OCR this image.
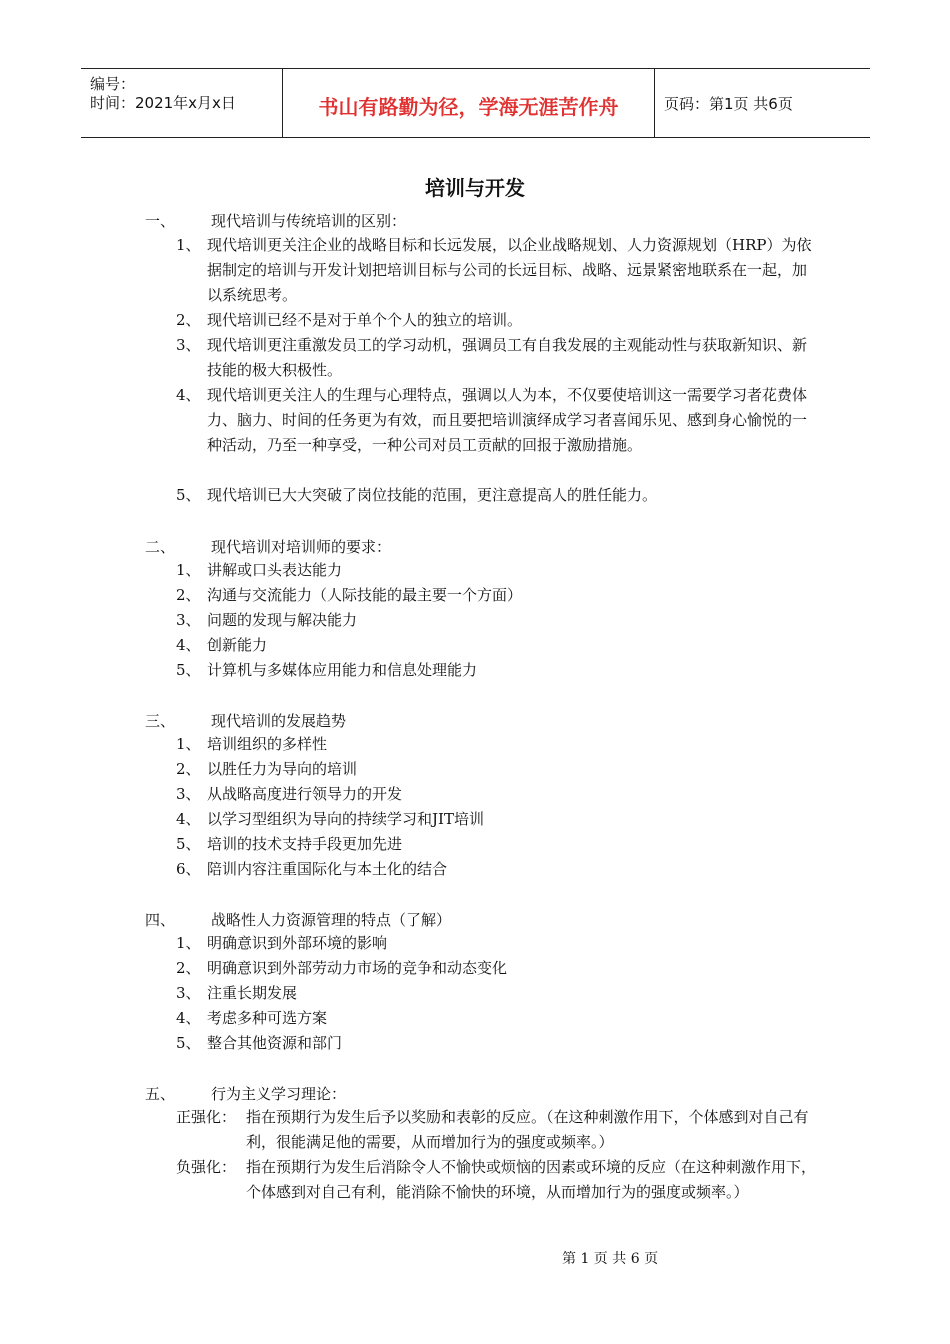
编号：
时间：2021年x月x日	书山有路勤为径，学海无涯苦作舟	页码：第1页 共6页
培训与开发
一、 现代培训与传统培训的区别：
1、 现代培训更关注企业的战略目标和长远发展，以企业战略规划、人力资源规划（HRP）为依据制定的培训与开发计划把培训目标与公司的长远目标、战略、远景紧密地联系在一起，加以系统思考。
2、 现代培训已经不是对于单个个人的独立的培训。
3、 现代培训更注重激发员工的学习动机，强调员工有自我发展的主观能动性与获取新知识、新技能的极大积极性。
4、 现代培训更关注人的生理与心理特点，强调以人为本，不仅要使培训这一需要学习者花费体力、脑力、时间的任务更为有效，而且要把培训演绎成学习者喜闻乐见、感到身心愉悦的一种活动，乃至一种享受，一种公司对员工贡献的回报于激励措施。
5、 现代培训已大大突破了岗位技能的范围，更注意提高人的胜任能力。
二、 现代培训对培训师的要求：
1、 讲解或口头表达能力
2、 沟通与交流能力（人际技能的最主要一个方面）
3、 问题的发现与解决能力
4、 创新能力
5、 计算机与多媒体应用能力和信息处理能力
三、 现代培训的发展趋势
1、 培训组织的多样性
2、 以胜任力为导向的培训
3、 从战略高度进行领导力的开发
4、 以学习型组织为导向的持续学习和JIT培训
5、 培训的技术支持手段更加先进
6、 陪训内容注重国际化与本土化的结合
四、 战略性人力资源管理的特点（了解）
1、 明确意识到外部环境的影响
2、 明确意识到外部劳动力市场的竞争和动态变化
3、 注重长期发展
4、 考虑多种可选方案
5、 整合其他资源和部门
五、 行为主义学习理论：
正强化： 指在预期行为发生后予以奖励和表彰的反应。（在这种刺激作用下，个体感到对自己有利，很能满足他的需要，从而增加行为的强度或频率。）
负强化： 指在预期行为发生后消除令人不愉快或烦恼的因素或环境的反应（在这种刺激作用下，个体感到对自己有利，能消除不愉快的环境，从而增加行为的强度或频率。）
第 1 页 共 6 页
